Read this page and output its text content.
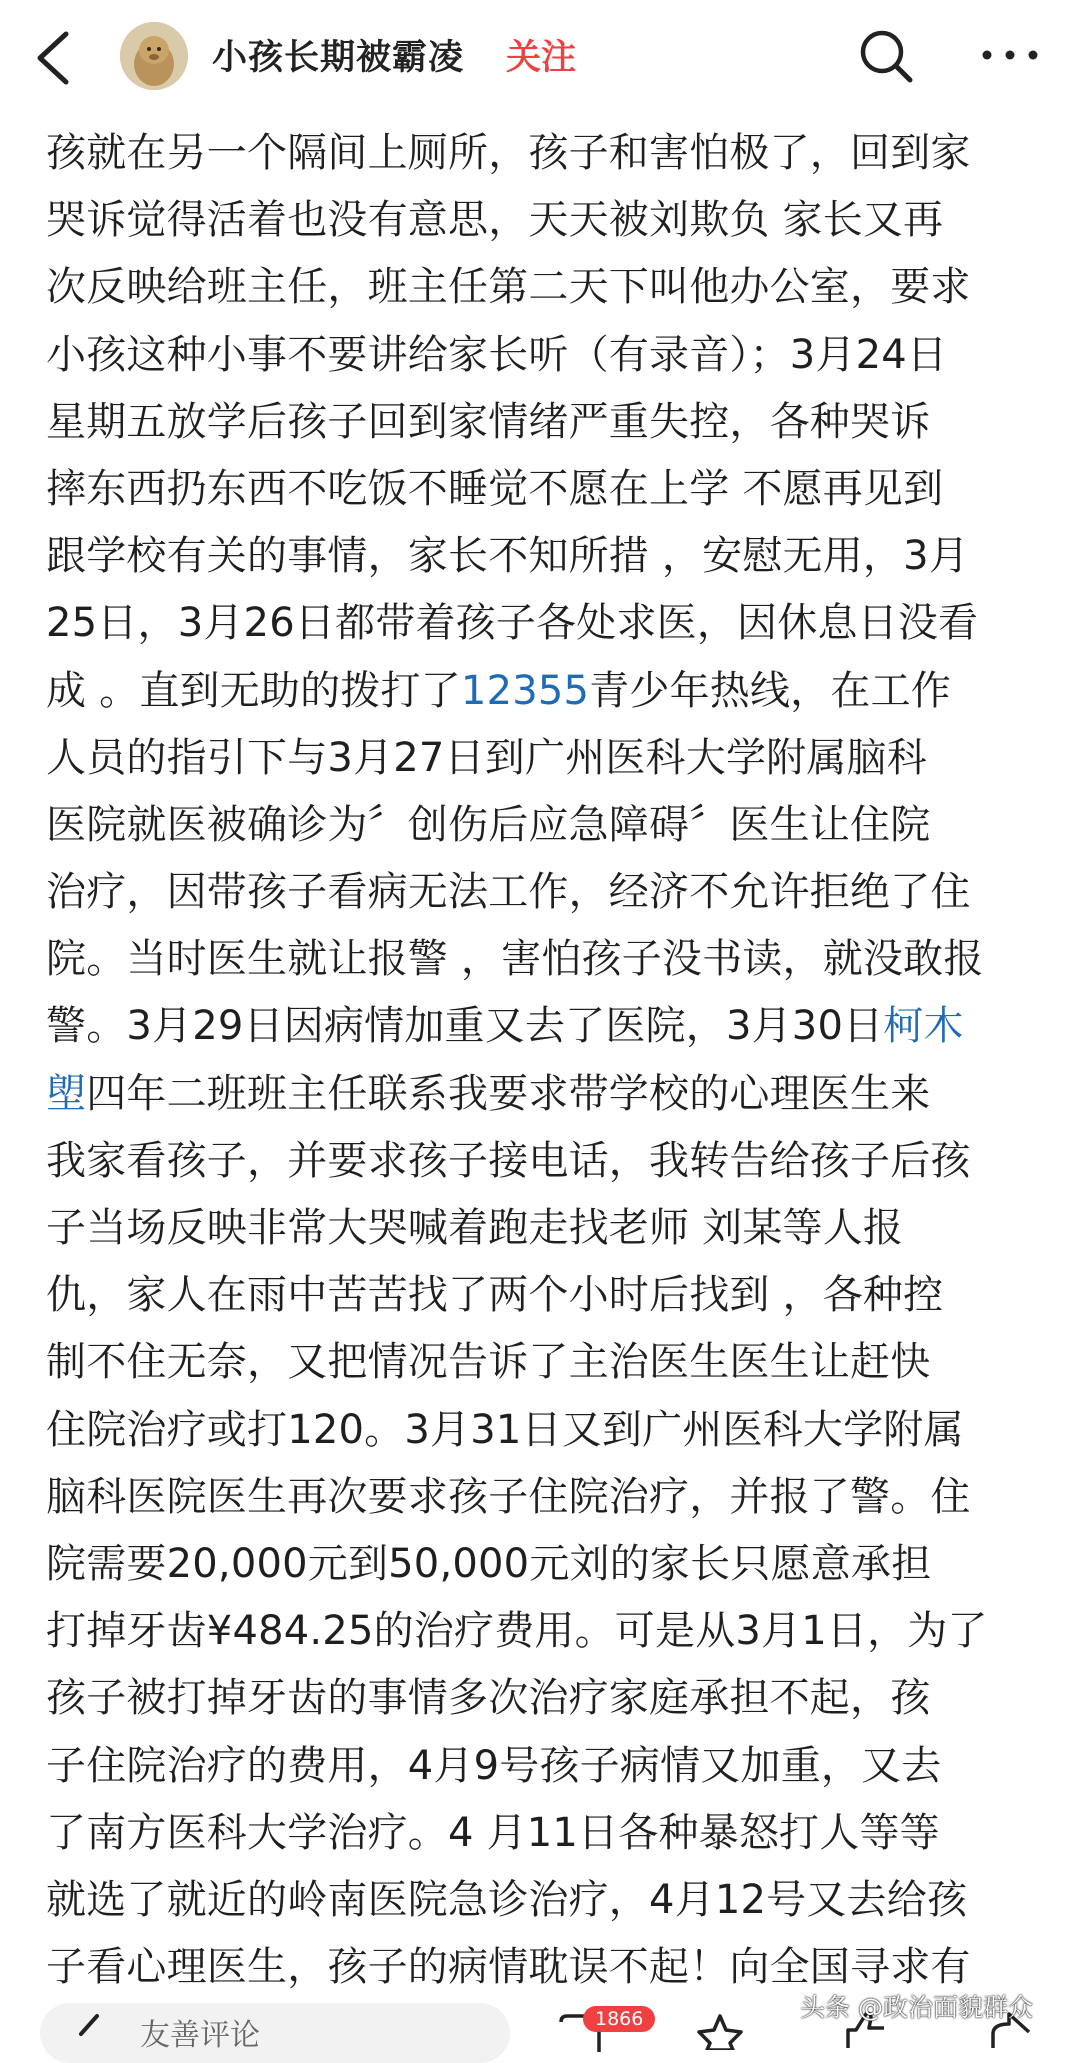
小孩长期被霸凌 关注
孩就在另一个隔间上厕所，孩子和害怕极了，回到家
哭诉觉得活着也没有意思，天天被刘欺负 家长又再
次反映给班主任，班主任第二天下叫他办公室，要求
小孩这种小事不要讲给家长听（有录音）；3月24日
星期五放学后孩子回到家情绪严重失控，各种哭诉
摔东西扔东西不吃饭不睡觉不愿在上学 不愿再见到
跟学校有关的事情，家长不知所措 ，安慰无用，3月
25日，3月26日都带着孩子各处求医，因休息日没看
成 。直到无助的拨打了12355青少年热线，在工作
人员的指引下与3月27日到广州医科大学附属脑科
医院就医被确诊为〞创伤后应急障碍〞医生让住院
治疗，因带孩子看病无法工作，经济不允许拒绝了住
院。当时医生就让报警 ，害怕孩子没书读，就没敢报
警。3月29日因病情加重又去了医院，3月30日柯木
塱四年二班班主任联系我要求带学校的心理医生来
我家看孩子，并要求孩子接电话，我转告给孩子后孩
子当场反映非常大哭喊着跑走找老师 刘某等人报
仇，家人在雨中苦苦找了两个小时后找到 ，各种控
制不住无奈，又把情况告诉了主治医生医生让赶快
住院治疗或打120。3月31日又到广州医科大学附属
脑科医院医生再次要求孩子住院治疗，并报了警。住
院需要20,000元到50,000元刘的家长只愿意承担
打掉牙齿¥484.25的治疗费用。可是从3月1日，为了
孩子被打掉牙齿的事情多次治疗家庭承担不起，孩
子住院治疗的费用，4月9号孩子病情又加重，又去
了南方医科大学治疗。4 月11日各种暴怒打人等等
就选了就近的岭南医院急诊治疗，4月12号又去给孩
子看心理医生，孩子的病情耽误不起！向全国寻求有
友善评论	1866	头条 @政治面貌群众
